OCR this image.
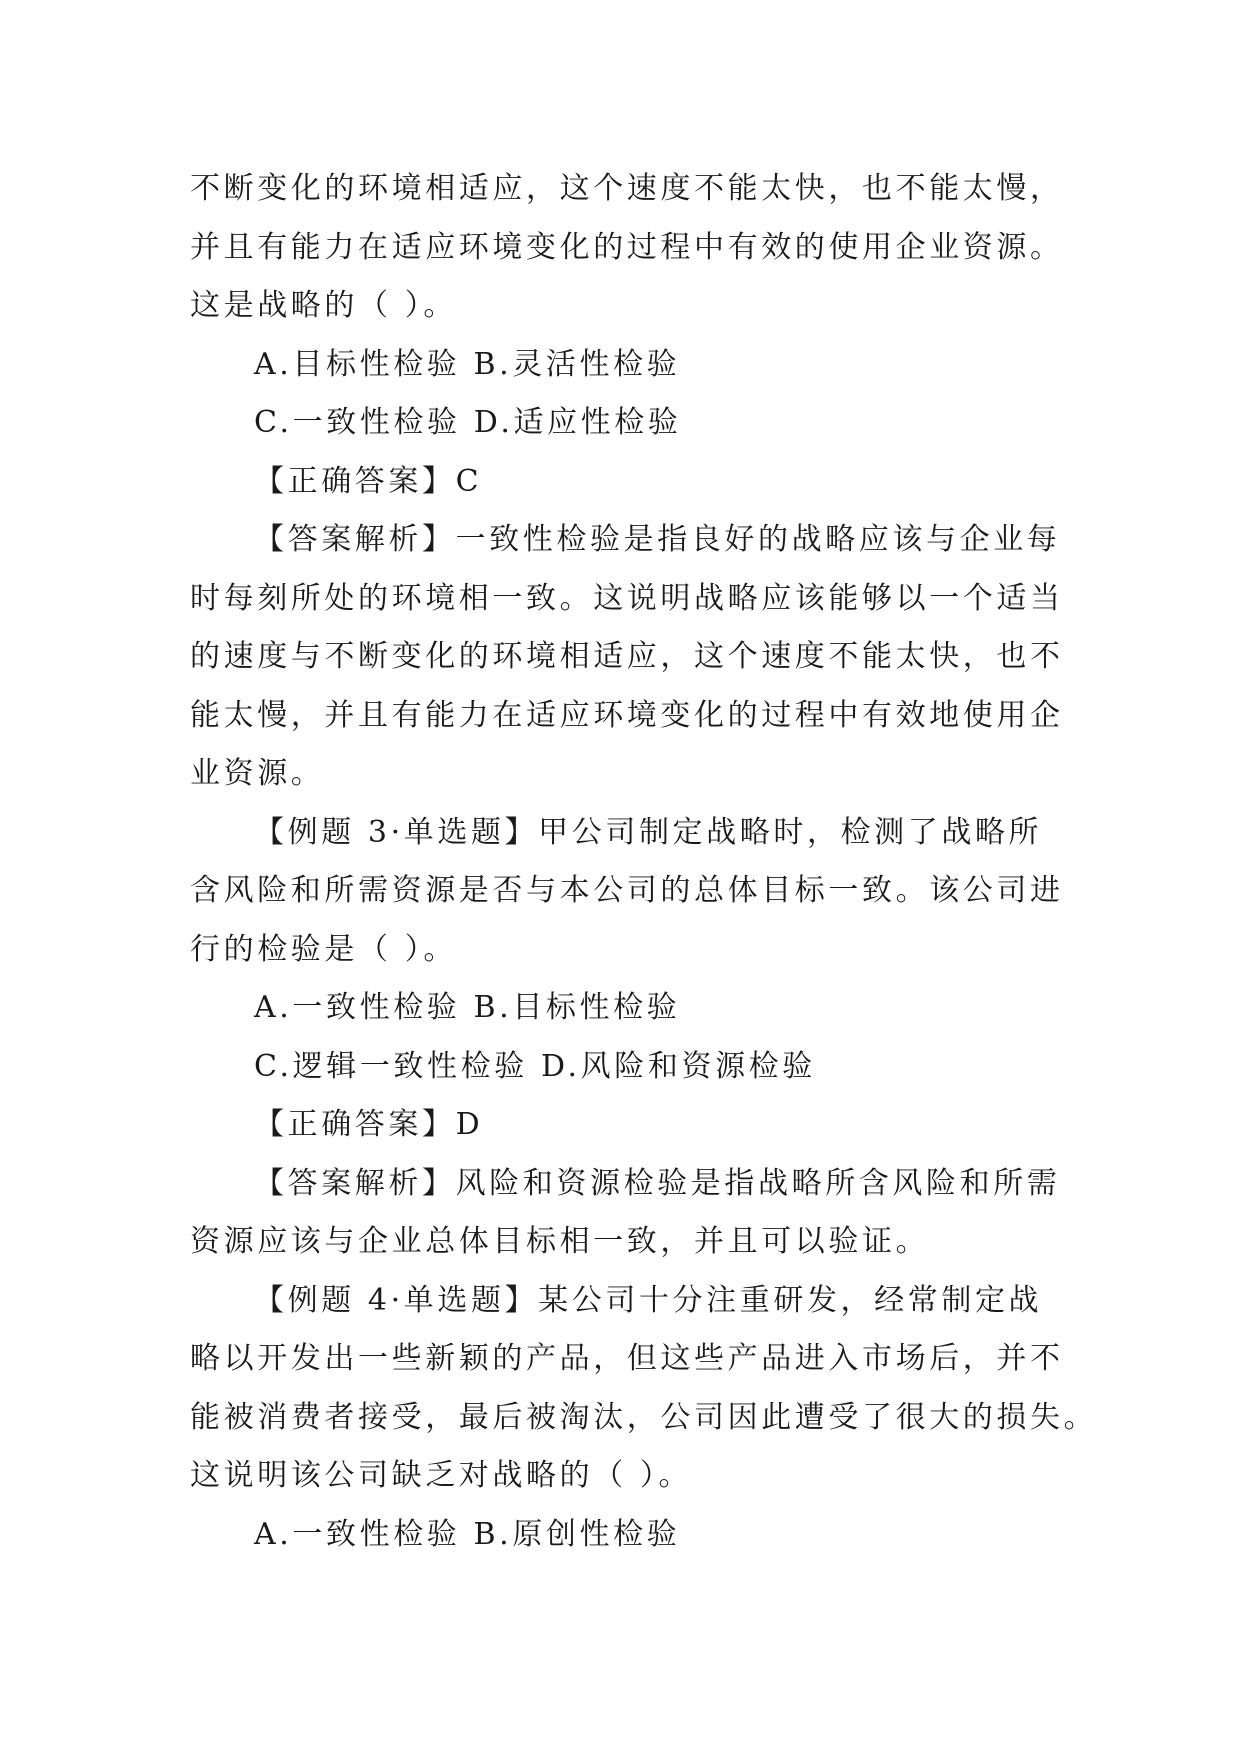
不断变化的环境相适应，这个速度不能太快，也不能太慢，

并且有能力在适应环境变化的过程中有效的使用企业资源。

这是战略的（ ）。

A.目标性检验 B.灵活性检验

C.一致性检验 D.适应性检验

【正确答案】C

【答案解析】一致性检验是指良好的战略应该与企业每

时每刻所处的环境相一致。这说明战略应该能够以一个适当

的速度与不断变化的环境相适应，这个速度不能太快，也不

能太慢，并且有能力在适应环境变化的过程中有效地使用企

业资源。

【例题 3·单选题】甲公司制定战略时，检测了战略所

含风险和所需资源是否与本公司的总体目标一致。该公司进

行的检验是（ ）。

A.一致性检验 B.目标性检验

C.逻辑一致性检验 D.风险和资源检验

【正确答案】D

【答案解析】风险和资源检验是指战略所含风险和所需

资源应该与企业总体目标相一致，并且可以验证。

【例题 4·单选题】某公司十分注重研发，经常制定战

略以开发出一些新颖的产品，但这些产品进入市场后，并不

能被消费者接受，最后被淘汰，公司因此遭受了很大的损失。

这说明该公司缺乏对战略的（ ）。

A.一致性检验 B.原创性检验
